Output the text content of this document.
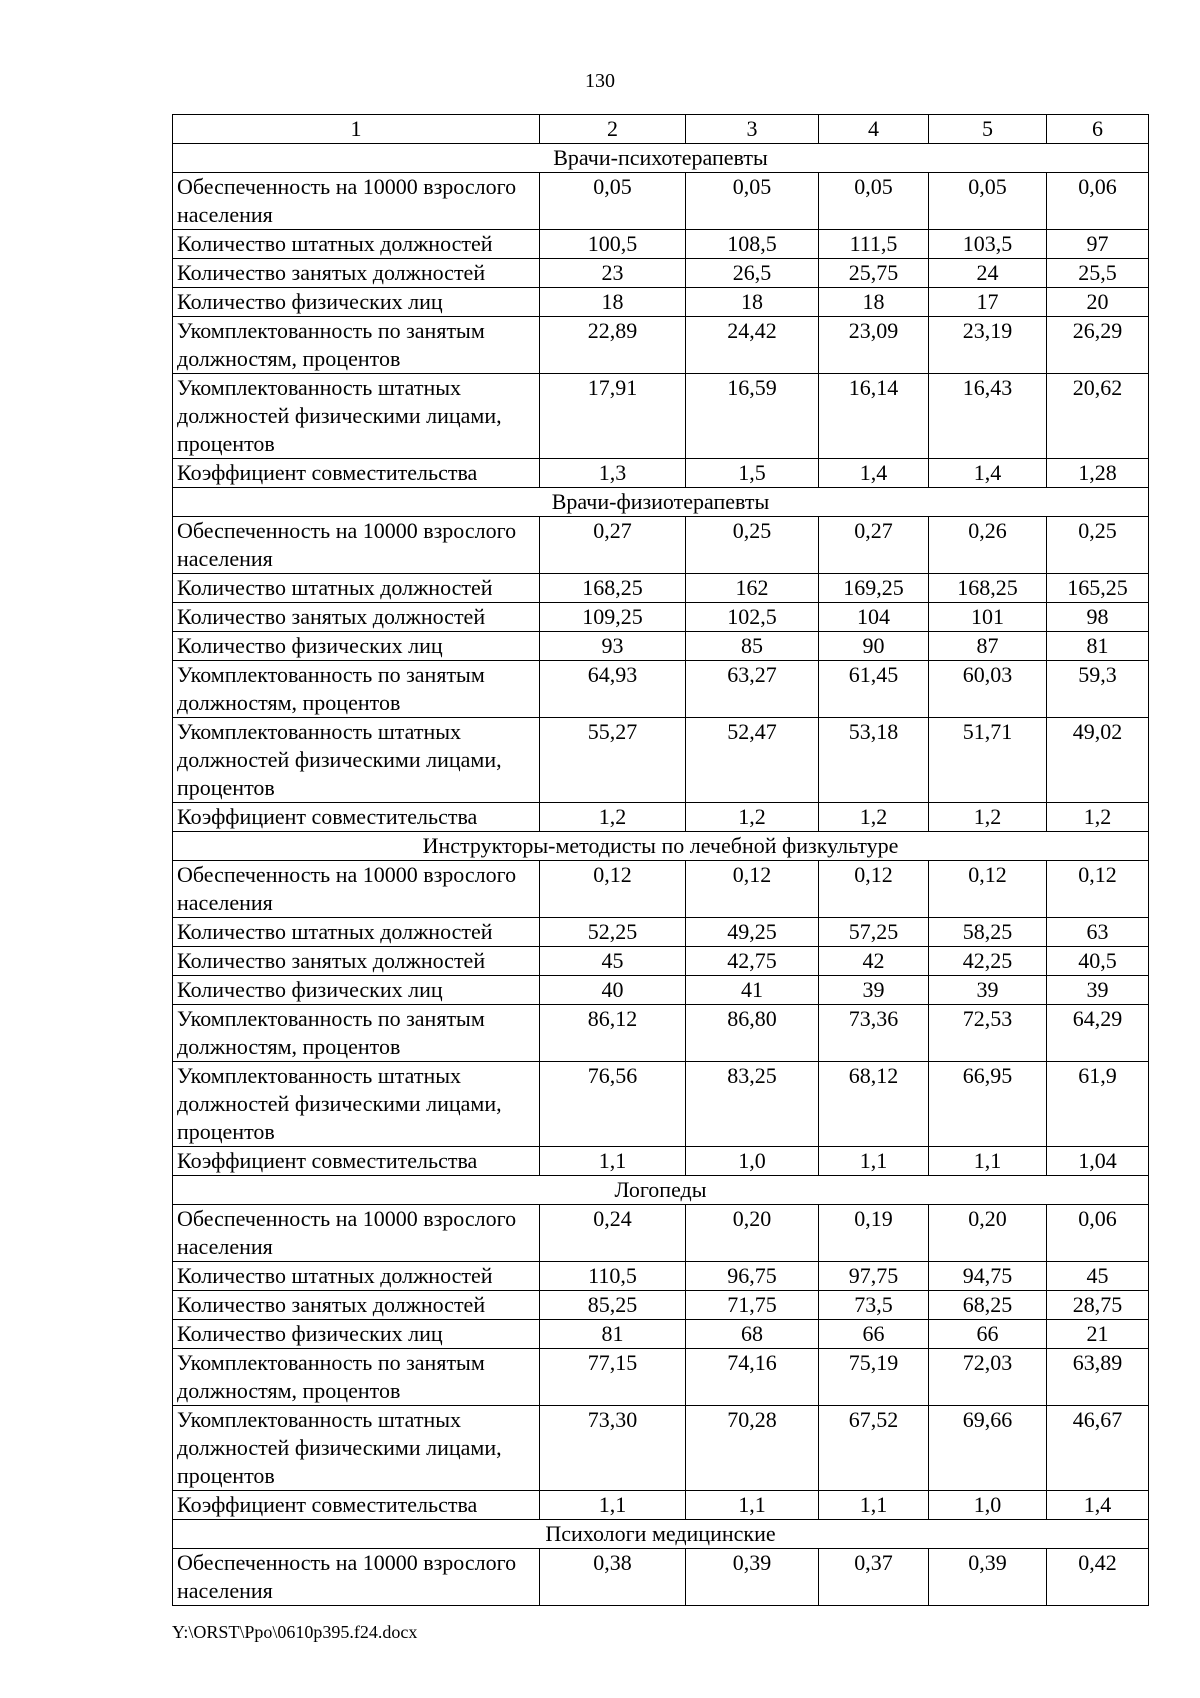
130
1	2	3	4	5	6
Врачи-психотерапевты					
Обеспеченность на 10000 взрослого населения	0,05	0,05	0,05	0,05	0,06
Количество штатных должностей	100,5	108,5	111,5	103,5	97
Количество занятых должностей	23	26,5	25,75	24	25,5
Количество физических лиц	18	18	18	17	20
Укомплектованность по занятым должностям, процентов	22,89	24,42	23,09	23,19	26,29
Укомплектованность штатных должностей физическими лицами, процентов	17,91	16,59	16,14	16,43	20,62
Коэффициент совместительства	1,3	1,5	1,4	1,4	1,28
Врачи-физиотерапевты					
Обеспеченность на 10000 взрослого населения	0,27	0,25	0,27	0,26	0,25
Количество штатных должностей	168,25	162	169,25	168,25	165,25
Количество занятых должностей	109,25	102,5	104	101	98
Количество физических лиц	93	85	90	87	81
Укомплектованность по занятым должностям, процентов	64,93	63,27	61,45	60,03	59,3
Укомплектованность штатных должностей физическими лицами, процентов	55,27	52,47	53,18	51,71	49,02
Коэффициент совместительства	1,2	1,2	1,2	1,2	1,2
Инструкторы-методисты по лечебной физкультуре					
Обеспеченность на 10000 взрослого населения	0,12	0,12	0,12	0,12	0,12
Количество штатных должностей	52,25	49,25	57,25	58,25	63
Количество занятых должностей	45	42,75	42	42,25	40,5
Количество физических лиц	40	41	39	39	39
Укомплектованность по занятым должностям, процентов	86,12	86,80	73,36	72,53	64,29
Укомплектованность штатных должностей физическими лицами, процентов	76,56	83,25	68,12	66,95	61,9
Коэффициент совместительства	1,1	1,0	1,1	1,1	1,04
Логопеды					
Обеспеченность на 10000 взрослого населения	0,24	0,20	0,19	0,20	0,06
Количество штатных должностей	110,5	96,75	97,75	94,75	45
Количество занятых должностей	85,25	71,75	73,5	68,25	28,75
Количество физических лиц	81	68	66	66	21
Укомплектованность по занятым должностям, процентов	77,15	74,16	75,19	72,03	63,89
Укомплектованность штатных должностей физическими лицами, процентов	73,30	70,28	67,52	69,66	46,67
Коэффициент совместительства	1,1	1,1	1,1	1,0	1,4
Психологи медицинские					
Обеспеченность на 10000 взрослого населения	0,38	0,39	0,37	0,39	0,42
Y:\ORST\Ppo\0610p395.f24.docx
